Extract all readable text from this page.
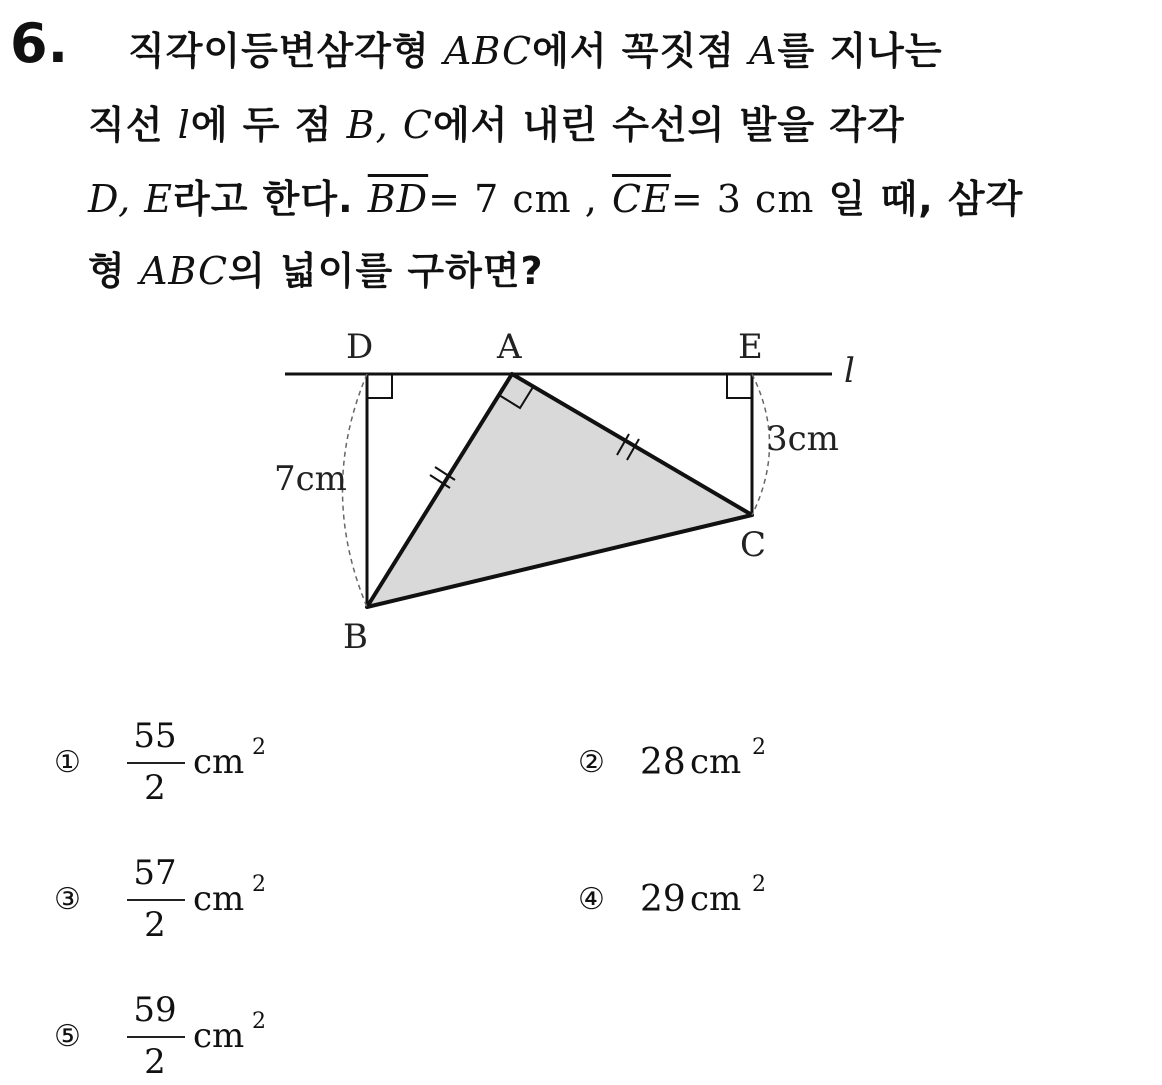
6. 직각이등변삼각형 ABC에서 꼭짓점 A를 지나는
직선 l에 두 점 B, C에서 내린 수선의 발을 각각
D, E라고 한다. $\overline{BD}= 7$ cm , $\overline{CE}= 3$ cm 일 때, 삼각
형 ABC의 넓이를 구하면?
D	A	E
l
B
C
7cm
3cm
①
55
2
cm 2	② 28 cm 2
③
57
2
cm 2	④ 29 cm 2
⑤
59
2
cm 2
